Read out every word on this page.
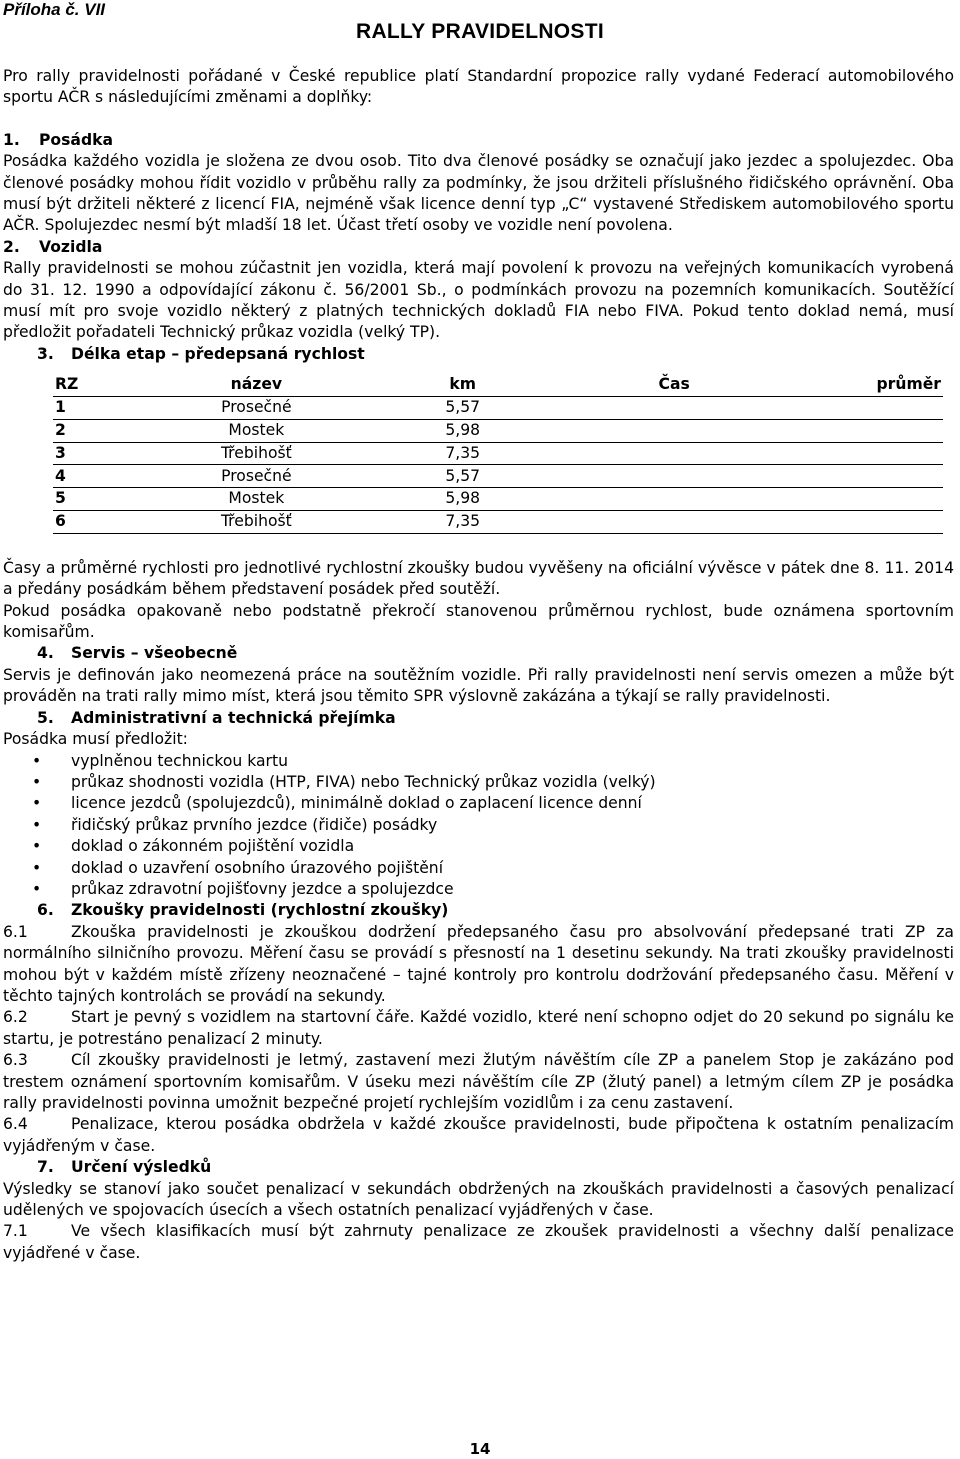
Příloha č. VII
RALLY PRAVIDELNOSTI

Pro rally pravidelnosti pořádané v České republice platí Standardní propozice rally vydané Federací automobilového sportu AČR s následujícími změnami a doplňky:

1. Posádka

Posádka každého vozidla je složena ze dvou osob. Tito dva členové posádky se označují jako jezdec a spolujezdec. Oba členové posádky mohou řídit vozidlo v průběhu rally za podmínky, že jsou držiteli příslušného řidičského oprávnění. Oba musí být držiteli některé z licencí FIA, nejméně však licence denní typ „C“ vystavené Střediskem automobilového sportu AČR. Spolujezdec nesmí být mladší 18 let. Účast třetí osoby ve vozidle není povolena.

2. Vozidla

Rally pravidelnosti se mohou zúčastnit jen vozidla, která mají povolení k provozu na veřejných komunikacích vyrobená do 31. 12. 1990 a odpovídající zákonu č. 56/2001 Sb., o podmínkách provozu na pozemních komunikacích. Soutěžící musí mít pro svoje vozidlo některý z platných technických dokladů FIA nebo FIVA. Pokud tento doklad nemá, musí předložit pořadateli Technický průkaz vozidla (velký TP).

3. Délka etap – předepsaná rychlost
RZ	název	km	Čas	průměr
1	Prosečné	5,57		
2	Mostek	5,98		
3	Třebihošť	7,35		
4	Prosečné	5,57		
5	Mostek	5,98		
6	Třebihošť	7,35		

Časy a průměrné rychlosti pro jednotlivé rychlostní zkoušky budou vyvěšeny na oficiální vývěsce v pátek dne 8. 11. 2014 a předány posádkám během představení posádek před soutěží.

Pokud posádka opakovaně nebo podstatně překročí stanovenou průměrnou rychlost, bude oznámena sportovním komisařům.

4. Servis – všeobecně

Servis je definován jako neomezená práce na soutěžním vozidle. Při rally pravidelnosti není servis omezen a může být prováděn na trati rally mimo míst, která jsou těmito SPR výslovně zakázána a týkají se rally pravidelnosti.

5. Administrativní a technická přejímka

Posádka musí předložit:

• vyplněnou technickou kartu
• průkaz shodnosti vozidla (HTP, FIVA) nebo Technický průkaz vozidla (velký)
• licence jezdců (spolujezdců), minimálně doklad o zaplacení licence denní
• řidičský průkaz prvního jezdce (řidiče) posádky
• doklad o zákonném pojištění vozidla
• doklad o uzavření osobního úrazového pojištění
• průkaz zdravotní pojišťovny jezdce a spolujezdce
6. Zkoušky pravidelnosti (rychlostní zkoušky)

6.1	Zkouška pravidelnosti je zkouškou dodržení předepsaného času pro absolvování předepsané trati ZP za normálního silničního provozu. Měření času se provádí s přesností na 1 desetinu sekundy. Na trati zkoušky pravidelnosti mohou být v každém místě zřízeny neoznačené – tajné kontroly pro kontrolu dodržování předepsaného času. Měření v těchto tajných kontrolách se provádí na sekundy.

6.2	Start je pevný s vozidlem na startovní čáře. Každé vozidlo, které není schopno odjet do 20 sekund po signálu ke startu, je potrestáno penalizací 2 minuty.

6.3	Cíl zkoušky pravidelnosti je letmý, zastavení mezi žlutým návěštím cíle ZP a panelem Stop je zakázáno pod trestem oznámení sportovním komisařům. V úseku mezi návěštím cíle ZP (žlutý panel) a letmým cílem ZP je posádka rally pravidelnosti povinna umožnit bezpečné projetí rychlejším vozidlům i za cenu zastavení.

6.4	Penalizace, kterou posádka obdržela v každé zkoušce pravidelnosti, bude připočtena k ostatním penalizacím vyjádřeným v čase.

7. Určení výsledků

Výsledky se stanoví jako součet penalizací v sekundách obdržených na zkouškách pravidelnosti a časových penalizací udělených ve spojovacích úsecích a všech ostatních penalizací vyjádřených v čase.

7.1	Ve všech klasifikacích musí být zahrnuty penalizace ze zkoušek pravidelnosti a všechny další penalizace vyjádřené v čase.

14
